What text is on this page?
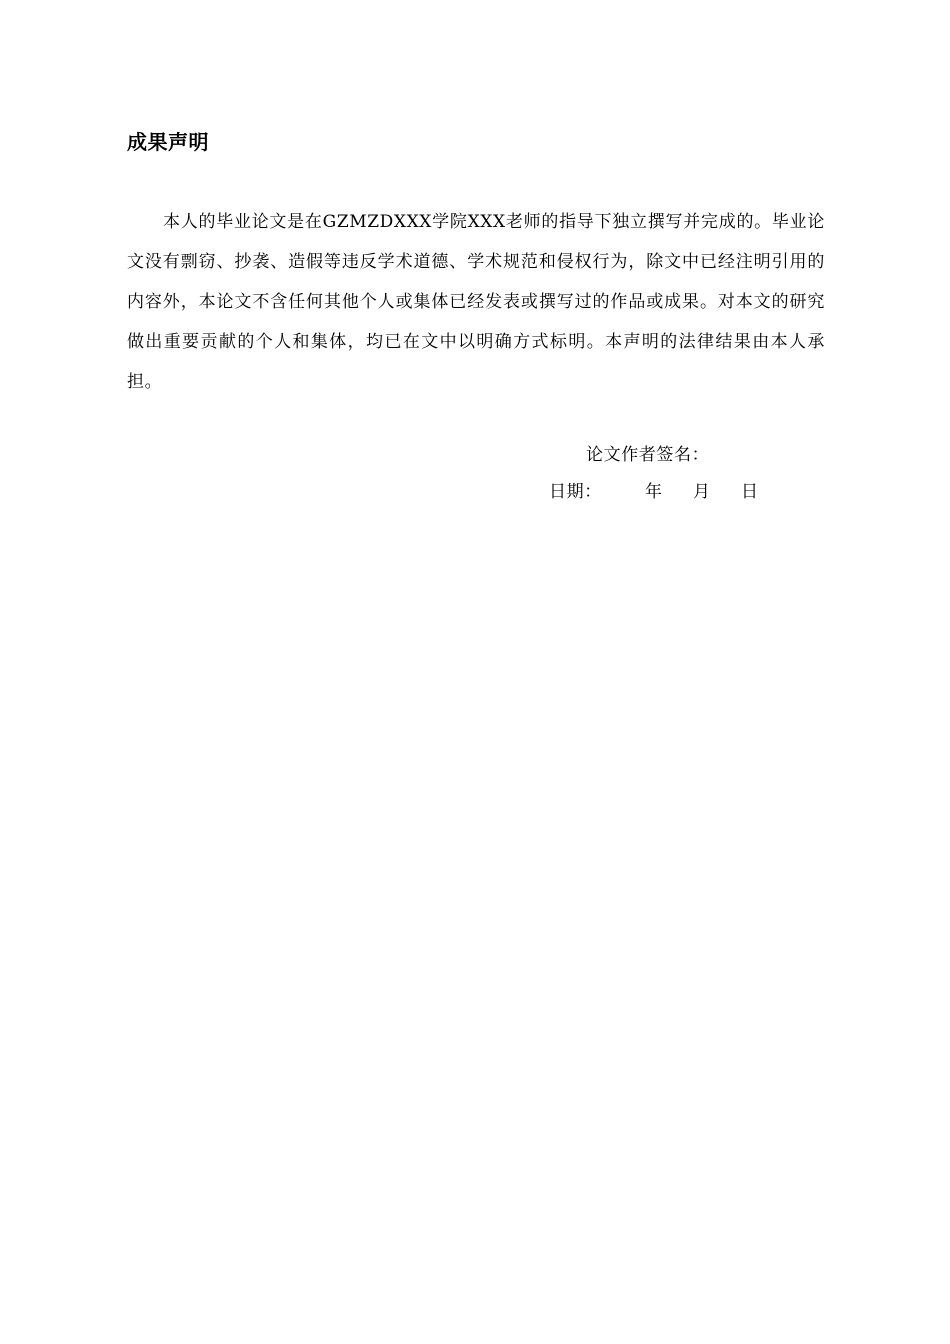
成果声明

本人的毕业论文是在GZMZDXXX学院XXX老师的指导下独立撰写并完成的。毕业论文没有剽窃、抄袭、造假等违反学术道德、学术规范和侵权行为，除文中已经注明引用的内容外，本论文不含任何其他个人或集体已经发表或撰写过的作品或成果。对本文的研究做出重要贡献的个人和集体，均已在文中以明确方式标明。本声明的法律结果由本人承担。

论文作者签名：
日期：	年 月 日
